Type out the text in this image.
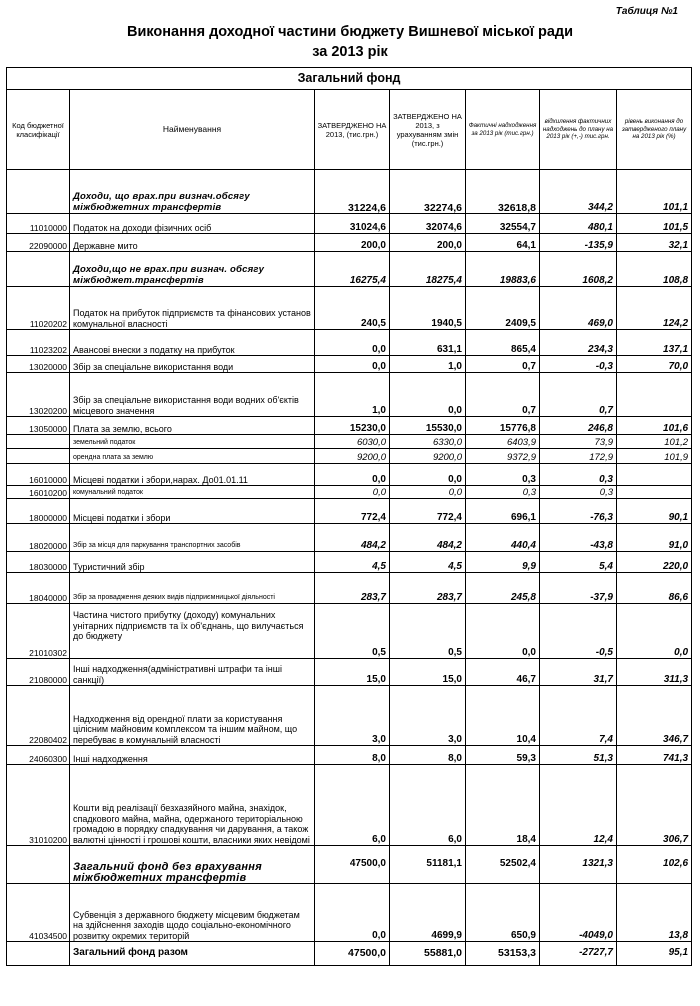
Таблиця №1
Виконання доходної частини бюджету Вишневої міської ради
за 2013 рік
Загальний фонд						
Код бюджетної класифікації	Найменування	ЗАТВЕРДЖЕНО НА 2013, (тис.грн.)	ЗАТВЕРДЖЕНО НА 2013, з урахуванням змін (тис.грн.)	Фактичні надходження за 2013 рік (тис.грн.)	відхилення фактичних надходжень до плану на 2013 рік (+,-) тис.грн.	рівень виконання до затвердженого плану на 2013 рік (%)
	Доходи, що врах.при визнач.обсягу міжбюджетних трансфертів	31224,6	32274,6	32618,8	344,2	101,1
11010000	Податок на доходи фізичних осіб	31024,6	32074,6	32554,7	480,1	101,5
22090000	Державне мито	200,0	200,0	64,1	-135,9	32,1
	Доходи,що не врах.при визнач. обсягу міжбюджет.трансфертів	16275,4	18275,4	19883,6	1608,2	108,8
11020202	Податок на прибуток підприємств та фінансових установ комунальної власності	240,5	1940,5	2409,5	469,0	124,2
11023202	Авансові внески з податку на прибуток	0,0	631,1	865,4	234,3	137,1
13020000	Збір за спеціальне використання води	0,0	1,0	0,7	-0,3	70,0
13020200	Збір за спеціальне використання води водних об'єктів місцевого значення	1,0	0,0	0,7	0,7	
13050000	Плата за землю, всього	15230,0	15530,0	15776,8	246,8	101,6
	земельний податок	6030,0	6330,0	6403,9	73,9	101,2
	орендна плата за землю	9200,0	9200,0	9372,9	172,9	101,9
16010000	Місцеві податки і збори,нарах. До01.01.11	0,0	0,0	0,3	0,3	
16010200	комунальний податок	0,0	0,0	0,3	0,3	
18000000	Місцеві податки і збори	772,4	772,4	696,1	-76,3	90,1
18020000	Збір за місця для паркування транспортних засобів	484,2	484,2	440,4	-43,8	91,0
18030000	Туристичний збір	4,5	4,5	9,9	5,4	220,0
18040000	Збір за провадження деяких видів підприємницької діяльності	283,7	283,7	245,8	-37,9	86,6
21010302	Частина чистого прибутку (доходу) комунальних унітарних підприємств та їх об'єднань, що вилучається до бюджету	0,5	0,5	0,0	-0,5	0,0
21080000	Інші надходження(адміністративні штрафи та інші санкції)	15,0	15,0	46,7	31,7	311,3
22080402	Надходження від орендної плати за користування цілісним майновим комплексом та іншим майном, що перебуває в комунальній власності	3,0	3,0	10,4	7,4	346,7
24060300	Інші надходження	8,0	8,0	59,3	51,3	741,3
31010200	Кошти від реалізації безхазяйного майна, знахідок, спадкового майна, майна, одержаного територіальною громадою в порядку спадкування чи дарування, а також валютні цінності і грошові кошти, власники яких невідомі	6,0	6,0	18,4	12,4	306,7
	Загальний фонд без врахування міжбюджетних трансфертів	47500,0	51181,1	52502,4	1321,3	102,6
41034500	Субвенція з державного бюджету місцевим бюджетам на здійснення заходів щодо соціально-економічного розвитку окремих територій	0,0	4699,9	650,9	-4049,0	13,8
	Загальний фонд разом	47500,0	55881,0	53153,3	-2727,7	95,1
